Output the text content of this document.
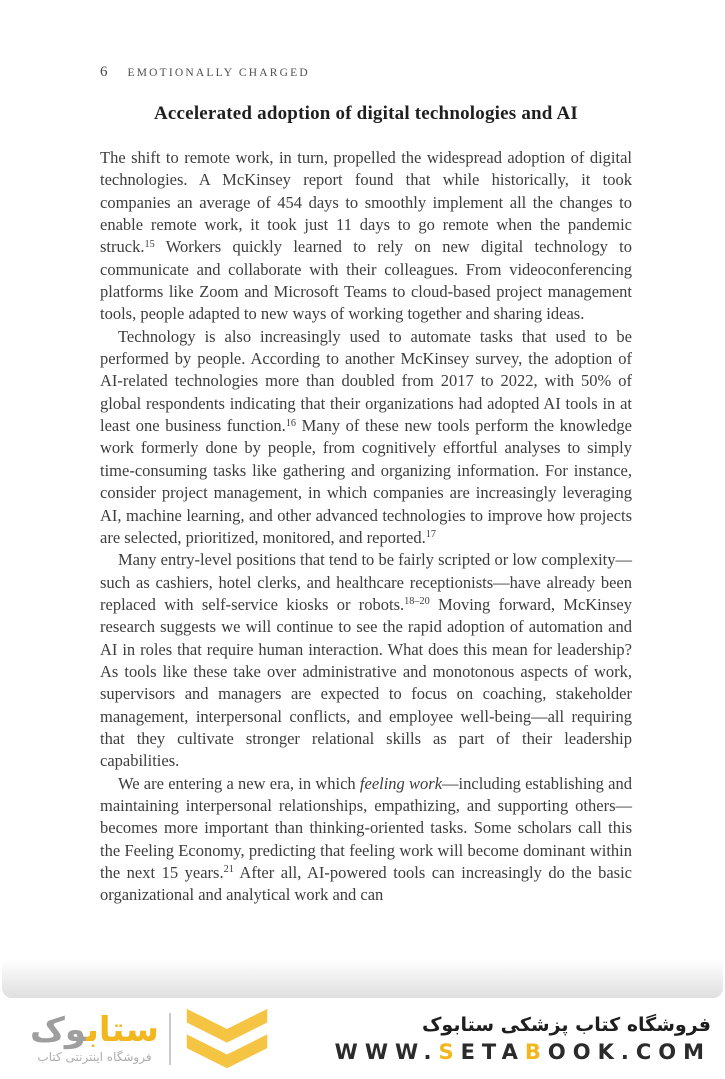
6 EMOTIONALLY CHARGED
Accelerated adoption of digital technologies and AI

The shift to remote work, in turn, propelled the widespread adoption of digital technologies. A McKinsey report found that while historically, it took companies an average of 454 days to smoothly implement all the changes to enable remote work, it took just 11 days to go remote when the pandemic struck.$^{15}$ Workers quickly learned to rely on new digital technology to communicate and collaborate with their colleagues. From videoconferencing platforms like Zoom and Microsoft Teams to cloud-based project management tools, people adapted to new ways of working together and sharing ideas.

Technology is also increasingly used to automate tasks that used to be performed by people. According to another McKinsey survey, the adoption of AI-related technologies more than doubled from 2017 to 2022, with 50% of global respondents indicating that their organizations had adopted AI tools in at least one business function.$^{16}$ Many of these new tools perform the knowledge work formerly done by people, from cognitively effortful analyses to simply time-consuming tasks like gathering and organizing information. For instance, consider project management, in which companies are increasingly leveraging AI, machine learning, and other advanced technologies to improve how projects are selected, prioritized, monitored, and reported.$^{17}$

Many entry-level positions that tend to be fairly scripted or low complexity—such as cashiers, hotel clerks, and healthcare receptionists—have already been replaced with self-service kiosks or robots.$^{18-20}$ Moving forward, McKinsey research suggests we will continue to see the rapid adoption of automation and AI in roles that require human interaction. What does this mean for leadership? As tools like these take over administrative and monotonous aspects of work, supervisors and managers are expected to focus on coaching, stakeholder management, interpersonal conflicts, and employee well-being—all requiring that they cultivate stronger relational skills as part of their leadership capabilities.

We are entering a new era, in which feeling work—including establishing and maintaining interpersonal relationships, empathizing, and supporting others—becomes more important than thinking-oriented tasks. Some scholars call this the Feeling Economy, predicting that feeling work will become dominant within the next 15 years.$^{21}$ After all, AI-powered tools can increasingly do the basic organizational and analytical work and can

ستابوک
فروشگاه اینترنتی کتاب
فروشگاه کتاب پزشکی ستابوک
WWW.SETABOOK.COM
